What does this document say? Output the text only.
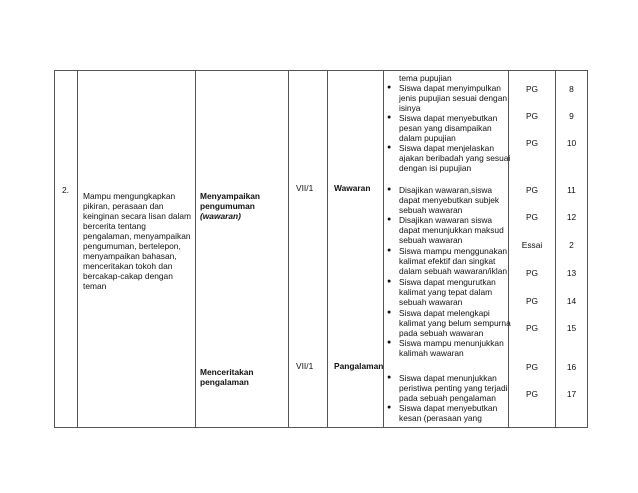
2.
Mampu mengungkapkan
pikiran, perasaan dan
keinginan secara lisan dalam
bercerita tentang
pengalaman, menyampaikan
pengumuman, bertelepon,
menyampaikan bahasan,
menceritakan tokoh dan
bercakap-cakap dengan
teman
Menyampaikan
pengumuman
(wawaran)
Menceritakan
pengalaman
VII/1
VII/1
Wawaran
Pangalaman
tema pupujian
● Siswa dapat menyimpulkan
jenis pupujian sesuai dengan
isinya
● Siswa dapat menyebutkan
pesan yang disampaikan
dalam pupujian
● Siswa dapat menjelaskan
ajakan beribadah yang sesuai
dengan isi pupujian
● Disajikan wawaran,siswa
dapat menyebutkan subjek
sebuah wawaran
● Disajikan wawaran siswa
dapat menunjukkan maksud
sebuah wawaran
● Siswa mampu menggunakan
kalimat efektif dan singkat
dalam sebuah wawaran/iklan
● Siswa dapat mengurutkan
kalimat yang tepat dalam
sebuah wawaran
● Siswa dapat melengkapi
kalimat yang belum sempurna
pada sebuah wawaran
● Siswa mampu menunjukkan
kalimah wawaran
● Siswa dapat menunjukkan
peristiwa penting yang terjadi
pada sebuah pengalaman
● Siswa dapat menyebutkan
kesan (perasaan yang
PG
PG
PG
PG
PG
Essai
PG
PG
PG
PG
PG
8
9
10
11
12
2
13
14
15
16
17
